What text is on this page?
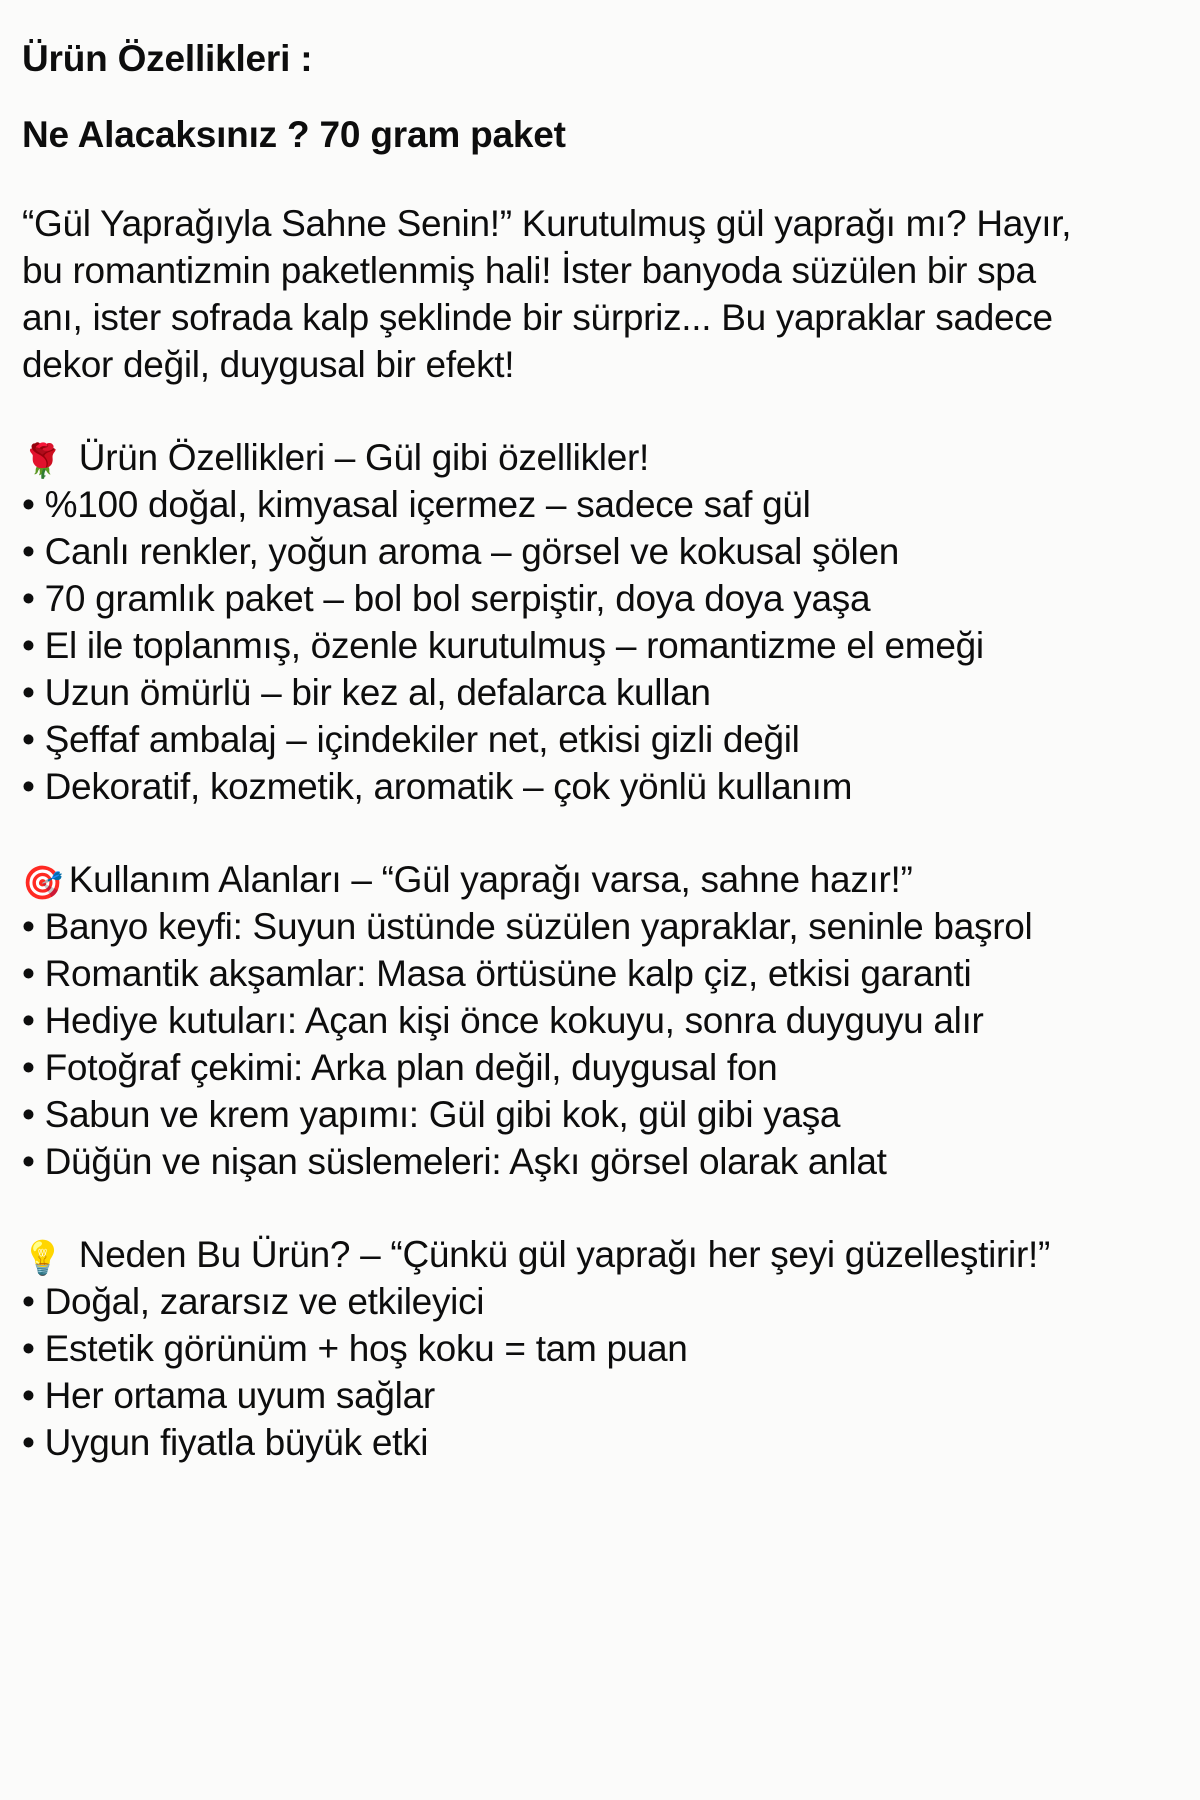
Ürün Özellikleri :
Ne Alacaksınız ? 70 gram paket

“Gül Yaprağıyla Sahne Senin!” Kurutulmuş gül yaprağı mı? Hayır, bu romantizmin paketlenmiş hali! İster banyoda süzülen bir spa anı, ister sofrada kalp şeklinde bir sürpriz... Bu yapraklar sadece dekor değil, duygusal bir efekt!

🌹 Ürün Özellikleri – Gül gibi özellikler!

• %100 doğal, kimyasal içermez – sadece saf gül
• Canlı renkler, yoğun aroma – görsel ve kokusal şölen
• 70 gramlık paket – bol bol serpiştir, doya doya yaşa
• El ile toplanmış, özenle kurutulmuş – romantizme el emeği
• Uzun ömürlü – bir kez al, defalarca kullan
• Şeffaf ambalaj – içindekiler net, etkisi gizli değil
• Dekoratif, kozmetik, aromatik – çok yönlü kullanım

🎯 Kullanım Alanları – “Gül yaprağı varsa, sahne hazır!”

• Banyo keyfi: Suyun üstünde süzülen yapraklar, seninle başrol
• Romantik akşamlar: Masa örtüsüne kalp çiz, etkisi garanti
• Hediye kutuları: Açan kişi önce kokuyu, sonra duyguyu alır
• Fotoğraf çekimi: Arka plan değil, duygusal fon
• Sabun ve krem yapımı: Gül gibi kok, gül gibi yaşa
• Düğün ve nişan süslemeleri: Aşkı görsel olarak anlat

💡 Neden Bu Ürün? – “Çünkü gül yaprağı her şeyi güzelleştirir!”

• Doğal, zararsız ve etkileyici
• Estetik görünüm + hoş koku = tam puan
• Her ortama uyum sağlar
• Uygun fiyatla büyük etki
